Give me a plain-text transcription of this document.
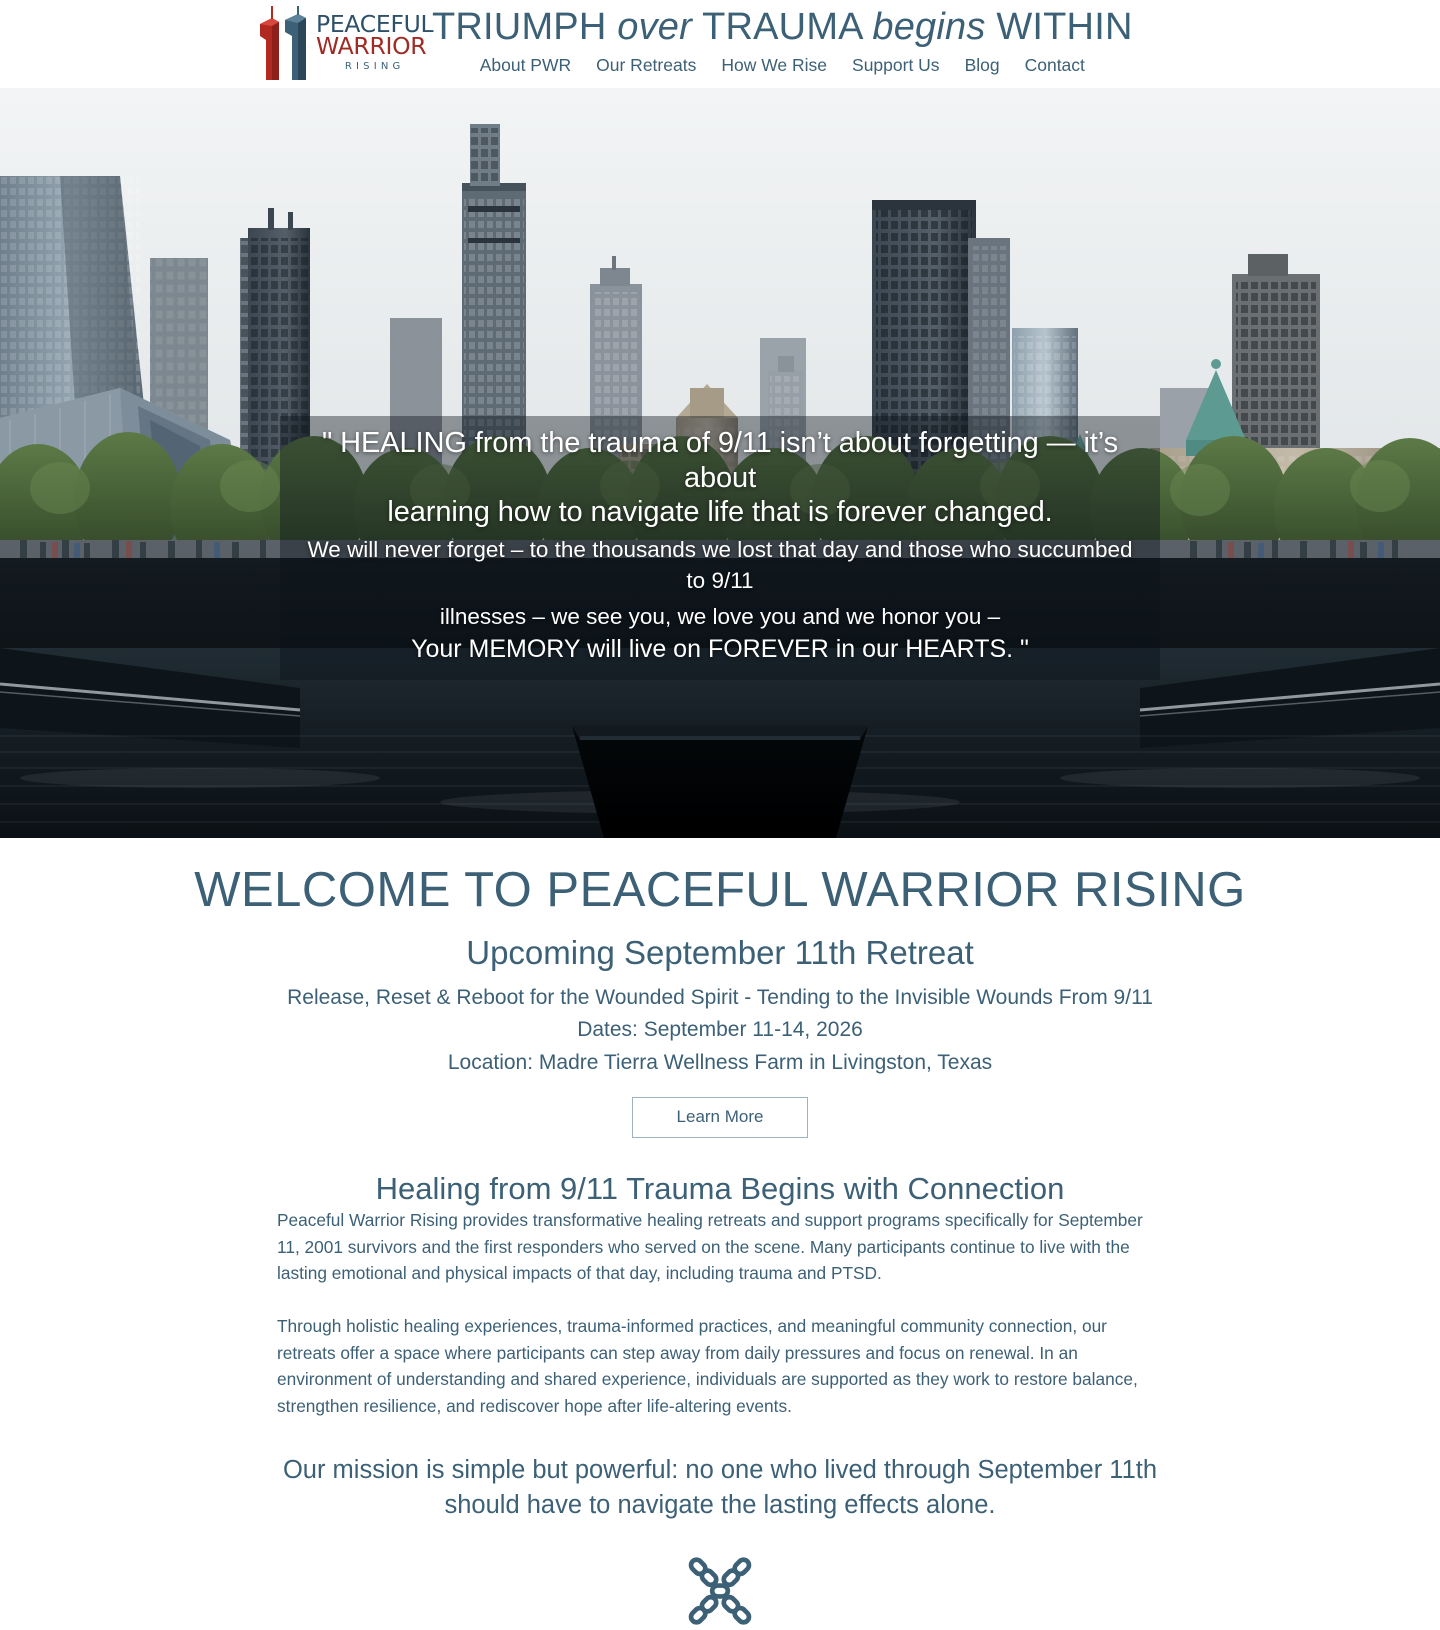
PEACEFUL
WARRIOR
RISING
TRIUMPH over TRAUMA begins WITHIN
About PWR Our Retreats How We Rise Support Us Blog Contact
" HEALING from the trauma of 9/11 isn’t about forgetting — it’s about
learning how to navigate life that is forever changed.
We will never forget – to the thousands we lost that day and those who succumbed to 9/11
illnesses – we see you, we love you and we honor you –
Your MEMORY will live on FOREVER in our HEARTS. "
WELCOME TO PEACEFUL WARRIOR RISING
Upcoming September 11th Retreat

Release, Reset & Reboot for the Wounded Spirit - Tending to the Invisible Wounds From 9/11

Dates: September 11-14, 2026

Location: Madre Tierra Wellness Farm in Livingston, Texas

Learn More
Healing from 9/11 Trauma Begins with Connection

Peaceful Warrior Rising provides transformative healing retreats and support programs specifically for September 11, 2001 survivors and the first responders who served on the scene. Many participants continue to live with the lasting emotional and physical impacts of that day, including trauma and PTSD.

Through holistic healing experiences, trauma-informed practices, and meaningful community connection, our retreats offer a space where participants can step away from daily pressures and focus on renewal. In an environment of understanding and shared experience, individuals are supported as they work to restore balance, strengthen resilience, and rediscover hope after life-altering events.

Our mission is simple but powerful: no one who lived through September 11th should have to navigate the lasting effects alone.
